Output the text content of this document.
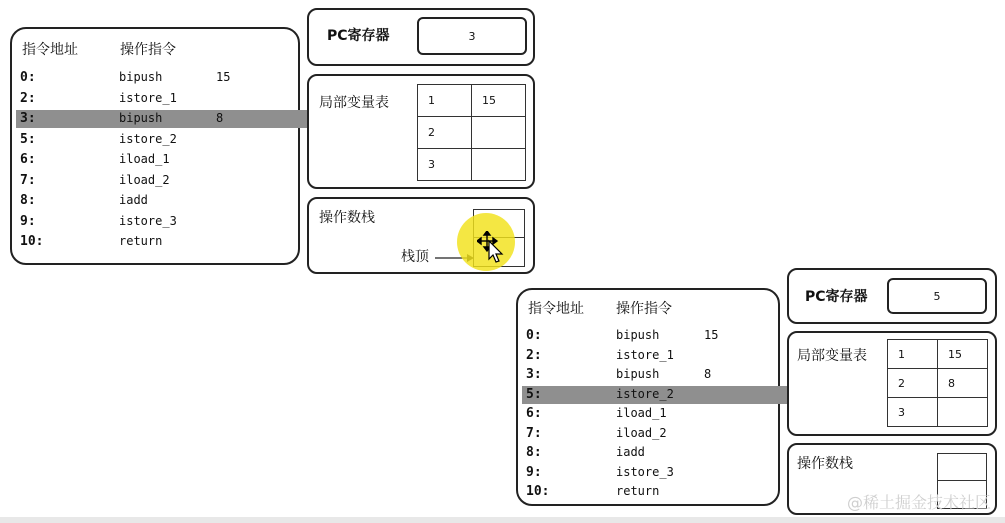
指令地址	操作指令
0:	bipush	15
2:	istore_1
3:	bipush	8
5:	istore_2
6:	iload_1
7:	iload_2
8:	iadd
9:	istore_3
10:	return
PC寄存器	3
局部变量表	1	15
2	
3	
操作数栈
栈顶
指令地址 操作指令
0:	bipush	15
2:	istore_1
3:	bipush	8
5:	istore_2
6:	iload_1
7:	iload_2
8:	iadd
9:	istore_3
10:	return
PC寄存器	5
局部变量表	1	15
2	8
3	
操作数栈
@稀土掘金技术社区
